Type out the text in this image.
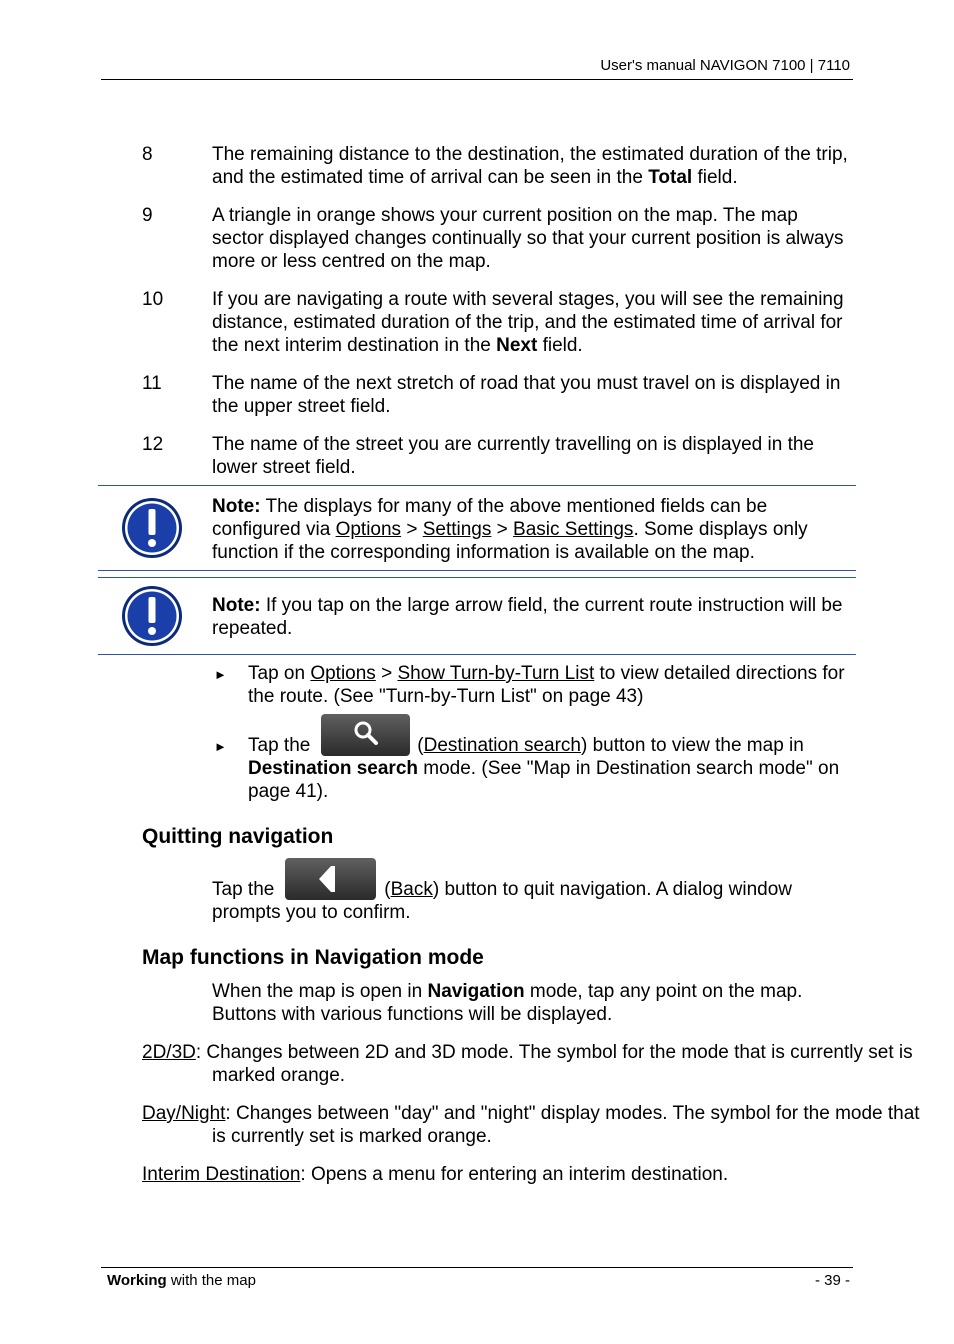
User's manual NAVIGON 7100 | 7110
8	The remaining distance to the destination, the estimated duration of the trip, and the estimated time of arrival can be seen in the Total field.
9	A triangle in orange shows your current position on the map. The map sector displayed changes continually so that your current position is always more or less centred on the map.
10	If you are navigating a route with several stages, you will see the remaining distance, estimated duration of the trip, and the estimated time of arrival for the next interim destination in the Next field.
11	The name of the next stretch of road that you must travel on is displayed in the upper street field.
12	The name of the street you are currently travelling on is displayed in the lower street field.
Note: The displays for many of the above mentioned fields can be configured via Options > Settings > Basic Settings. Some displays only function if the corresponding information is available on the map.
Note: If you tap on the large arrow field, the current route instruction will be repeated.
► Tap on Options > Show Turn-by-Turn List to view detailed directions for the route. (See "Turn-by-Turn List" on page 43)
► Tap the	(Destination search) button to view the map in Destination search mode. (See "Map in Destination search mode" on page 41).
Quitting navigation
Tap the	(Back) button to quit navigation. A dialog window prompts you to confirm.
Map functions in Navigation mode
When the map is open in Navigation mode, tap any point on the map. Buttons with various functions will be displayed.
2D/3D: Changes between 2D and 3D mode. The symbol for the mode that is currently set is marked orange.
Day/Night: Changes between "day" and "night" display modes. The symbol for the mode that is currently set is marked orange.
Interim Destination: Opens a menu for entering an interim destination.
Working with the map	- 39 -
